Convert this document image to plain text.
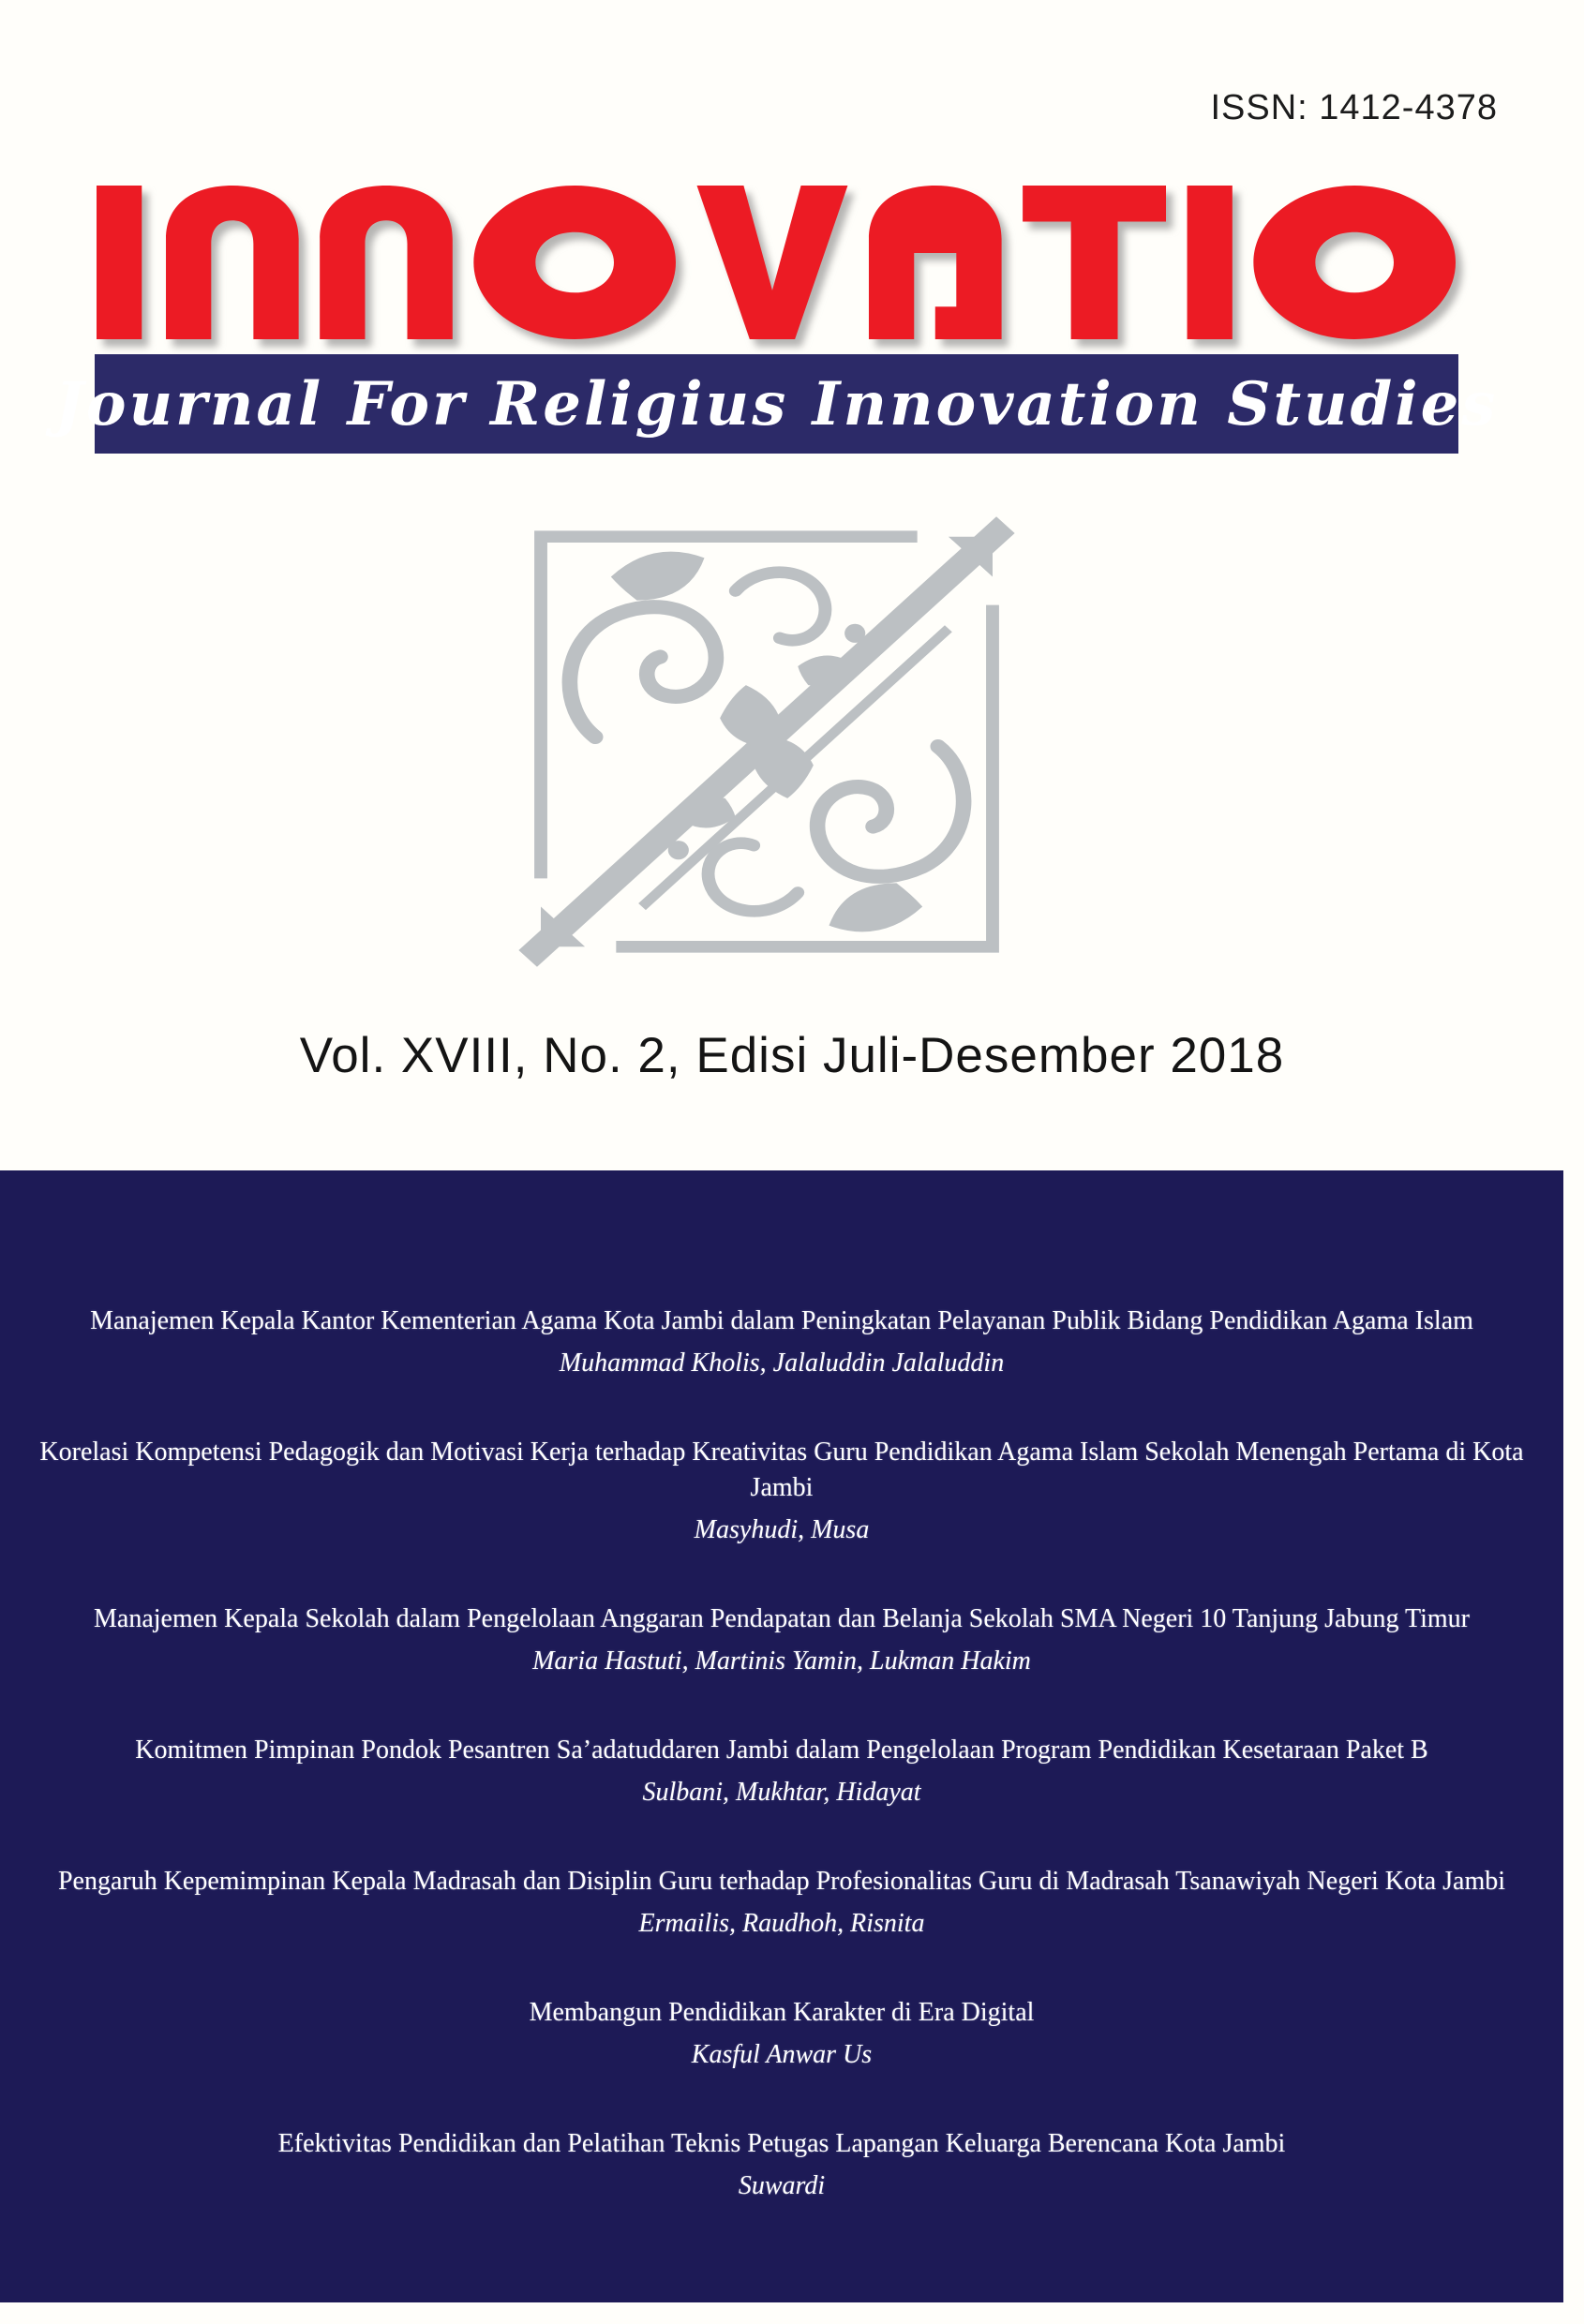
ISSN: 1412-4378
Journal For Religius Innovation Studies
Vol. XVIII, No. 2, Edisi Juli-Desember 2018
Manajemen Kepala Kantor Kementerian Agama Kota Jambi dalam Peningkatan Pelayanan Publik Bidang Pendidikan Agama Islam
Muhammad Kholis, Jalaluddin Jalaluddin
Korelasi Kompetensi Pedagogik dan Motivasi Kerja terhadap Kreativitas Guru Pendidikan Agama Islam Sekolah Menengah Pertama di Kota Jambi
Masyhudi, Musa
Manajemen Kepala Sekolah dalam Pengelolaan Anggaran Pendapatan dan Belanja Sekolah SMA Negeri 10 Tanjung Jabung Timur
Maria Hastuti, Martinis Yamin, Lukman Hakim
Komitmen Pimpinan Pondok Pesantren Sa’adatuddaren Jambi dalam Pengelolaan Program Pendidikan Kesetaraan Paket B
Sulbani, Mukhtar, Hidayat
Pengaruh Kepemimpinan Kepala Madrasah dan Disiplin Guru terhadap Profesionalitas Guru di Madrasah Tsanawiyah Negeri Kota Jambi
Ermailis, Raudhoh, Risnita
Membangun Pendidikan Karakter di Era Digital
Kasful Anwar Us
Efektivitas Pendidikan dan Pelatihan Teknis Petugas Lapangan Keluarga Berencana Kota Jambi
Suwardi
